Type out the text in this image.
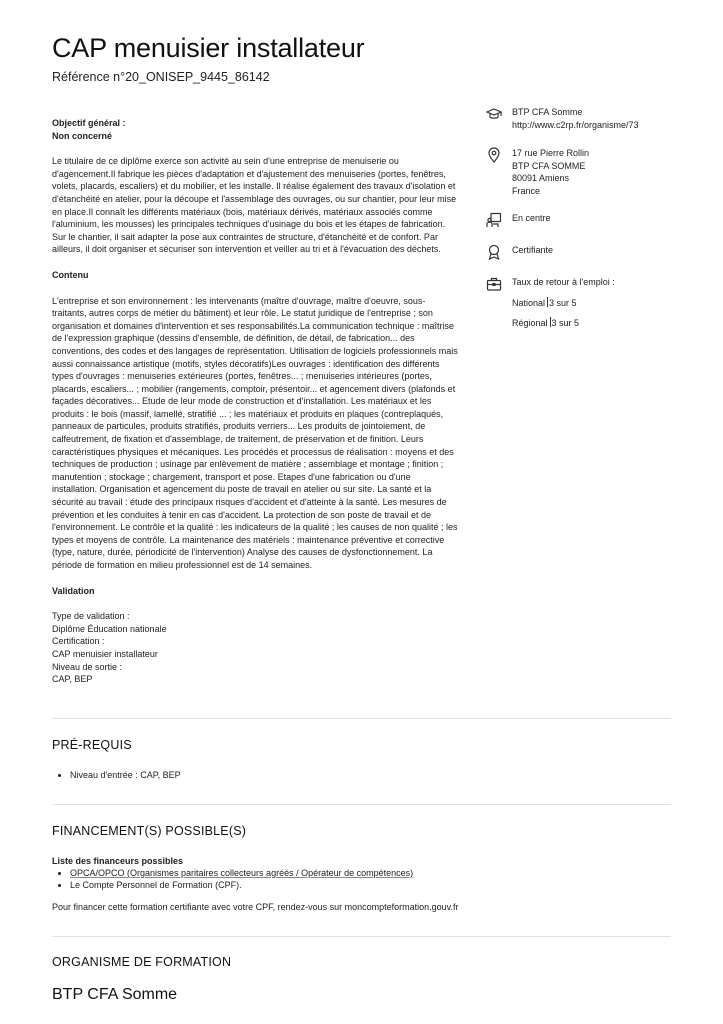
CAP menuisier installateur
Référence n°20_ONISEP_9445_86142
Objectif général :

Non concerné

Le titulaire de ce diplôme exerce son activité au sein d'une entreprise de menuiserie ou d'agencement.Il fabrique les pièces d'adaptation et d'ajustement des menuiseries (portes, fenêtres, volets, placards, escaliers) et du mobilier, et les installe. Il réalise également des travaux d'isolation et d'étanchéité en atelier, pour la découpe et l'assemblage des ouvrages, ou sur chantier, pour leur mise en place.Il connaît les différents matériaux (bois, matériaux dérivés, matériaux associés comme l'aluminium, les mousses) les principales techniques d'usinage du bois et les étapes de fabrication. Sur le chantier, il sait adapter la pose aux contraintes de structure, d'étanchéité et de confort. Par ailleurs, il doit organiser et sécuriser son intervention et veiller au tri et à l'évacuation des déchets.

Contenu

L'entreprise et son environnement : les intervenants (maître d'ouvrage, maître d'oeuvre, sous-traitants, autres corps de métier du bâtiment) et leur rôle. Le statut juridique de l'entreprise ; son organisation et domaines d'intervention et ses responsabilités.La communication technique : maîtrise de l'expression graphique (dessins d'ensemble, de définition, de détail, de fabrication... des conventions, des codes et des langages de représentation. Utilisation de logiciels professionnels mais aussi connaissance artistique (motifs, styles décoratifs)Les ouvrages : identification des différents types d'ouvrages : menuiseries extérieures (portes, fenêtres... ; menuiseries intérieures (portes, placards, escaliers... ; mobilier (rangements, comptoir, présentoir... et agencement divers (plafonds et façades décoratives... Etude de leur mode de construction et d'installation. Les matériaux et les produits : le bois (massif, lamellé, stratifié ... ; les matériaux et produits en plaques (contreplaqués, panneaux de particules, produits stratifiés, produits verriers... Les produits de jointoiement, de calfeutrement, de fixation et d'assemblage, de traitement, de préservation et de finition. Leurs caractéristiques physiques et mécaniques. Les procédés et processus de réalisation : moyens et des techniques de production ; usinage par enlèvement de matière ; assemblage et montage ; finition ; manutention ; stockage ; chargement, transport et pose. Etapes d'une fabrication ou d'une installation. Organisation et agencement du poste de travail en atelier ou sur site. La santé et la sécurité au travail : étude des principaux risques d'accident et d'atteinte à la santé. Les mesures de prévention et les conduites à tenir en cas d'accident. La protection de son poste de travail et de l'environnement. Le contrôle et la qualité : les indicateurs de la qualité ; les causes de non qualité ; les types et moyens de contrôle. La maintenance des matériels : maintenance préventive et corrective (type, nature, durée, périodicité de l'intervention) Analyse des causes de dysfonctionnement. La période de formation en milieu professionnel est de 14 semaines.

Validation

Type de validation :
Diplôme Éducation nationale
Certification :
CAP menuisier installateur
Niveau de sortie :
CAP, BEP
BTP CFA Somme
http://www.c2rp.fr/organisme/73
17 rue Pierre Rollin
BTP CFA SOMME
80091 Amiens
France
En centre
Certifiante
Taux de retour à l'emploi :
National 3 sur 5
Régional 3 sur 5
PRÉ-REQUIS
• Niveau d'entrée : CAP, BEP
FINANCEMENT(S) POSSIBLE(S)
Liste des financeurs possibles
• OPCA/OPCO (Organismes paritaires collecteurs agréés / Opérateur de compétences)
• Le Compte Personnel de Formation (CPF).
Pour financer cette formation certifiante avec votre CPF, rendez-vous sur moncompteformation.gouv.fr
ORGANISME DE FORMATION
BTP CFA Somme
